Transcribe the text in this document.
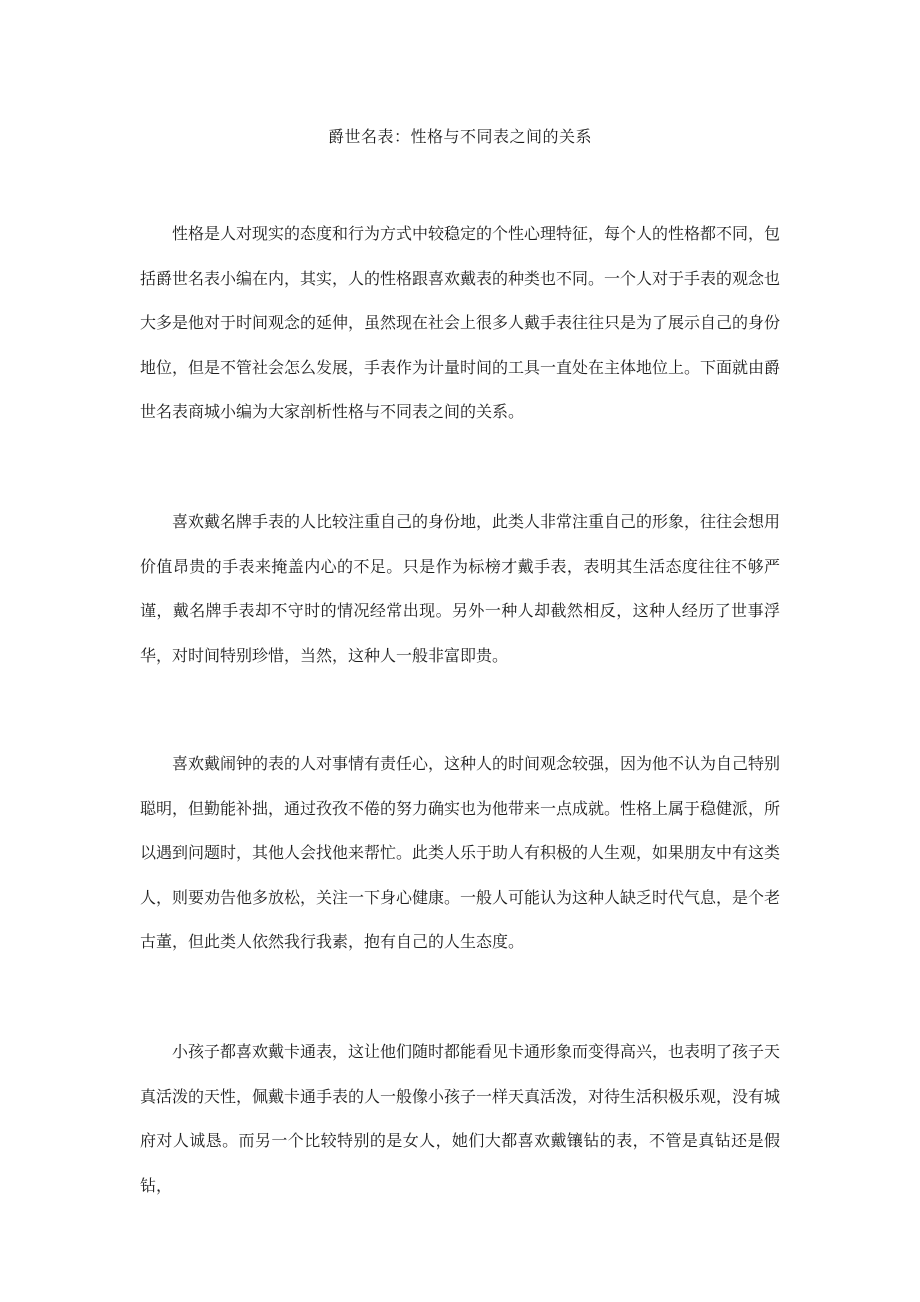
爵世名表：性格与不同表之间的关系

性格是人对现实的态度和行为方式中较稳定的个性心理特征，每个人的性格都不同，包括爵世名表小编在内，其实，人的性格跟喜欢戴表的种类也不同。一个人对于手表的观念也大多是他对于时间观念的延伸，虽然现在社会上很多人戴手表往往只是为了展示自己的身份地位，但是不管社会怎么发展，手表作为计量时间的工具一直处在主体地位上。下面就由爵世名表商城小编为大家剖析性格与不同表之间的关系。

喜欢戴名牌手表的人比较注重自己的身份地，此类人非常注重自己的形象，往往会想用价值昂贵的手表来掩盖内心的不足。只是作为标榜才戴手表，表明其生活态度往往不够严谨，戴名牌手表却不守时的情况经常出现。另外一种人却截然相反，这种人经历了世事浮华，对时间特别珍惜，当然，这种人一般非富即贵。

喜欢戴闹钟的表的人对事情有责任心，这种人的时间观念较强，因为他不认为自己特别聪明，但勤能补拙，通过孜孜不倦的努力确实也为他带来一点成就。性格上属于稳健派，所以遇到问题时，其他人会找他来帮忙。此类人乐于助人有积极的人生观，如果朋友中有这类人，则要劝告他多放松，关注一下身心健康。一般人可能认为这种人缺乏时代气息，是个老古董，但此类人依然我行我素，抱有自己的人生态度。

小孩子都喜欢戴卡通表，这让他们随时都能看见卡通形象而变得高兴，也表明了孩子天真活泼的天性，佩戴卡通手表的人一般像小孩子一样天真活泼，对待生活积极乐观，没有城府对人诚恳。而另一个比较特别的是女人，她们大都喜欢戴镶钻的表，不管是真钻还是假钻，
